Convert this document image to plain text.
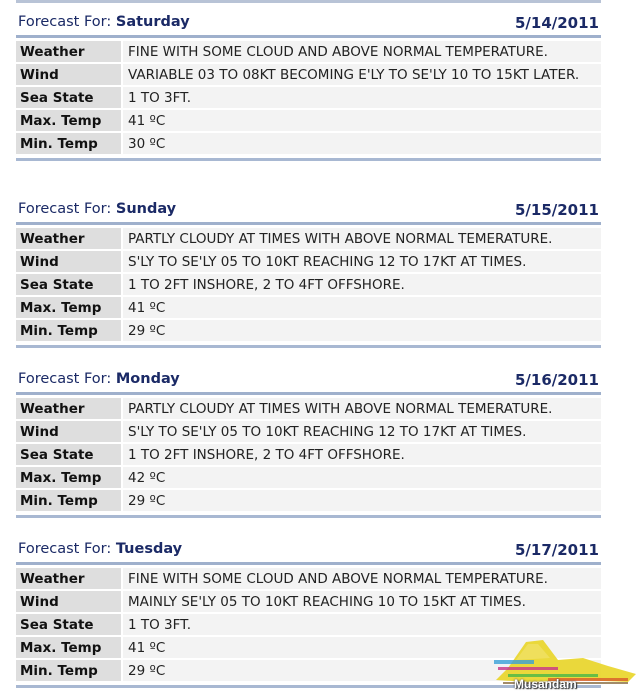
Forecast For: Saturday	5/14/2011
Weather	FINE WITH SOME CLOUD AND ABOVE NORMAL TEMPERATURE.
Wind	VARIABLE 03 TO 08KT BECOMING E'LY TO SE'LY 10 TO 15KT LATER.
Sea State	1 TO 3FT.
Max. Temp	41 ºC
Min. Temp	30 ºC
Forecast For: Sunday	5/15/2011
Weather	PARTLY CLOUDY AT TIMES WITH ABOVE NORMAL TEMERATURE.
Wind	S'LY TO SE'LY 05 TO 10KT REACHING 12 TO 17KT AT TIMES.
Sea State	1 TO 2FT INSHORE, 2 TO 4FT OFFSHORE.
Max. Temp	41 ºC
Min. Temp	29 ºC
Forecast For: Monday	5/16/2011
Weather	PARTLY CLOUDY AT TIMES WITH ABOVE NORMAL TEMERATURE.
Wind	S'LY TO SE'LY 05 TO 10KT REACHING 12 TO 17KT AT TIMES.
Sea State	1 TO 2FT INSHORE, 2 TO 4FT OFFSHORE.
Max. Temp	42 ºC
Min. Temp	29 ºC
Forecast For: Tuesday	5/17/2011
Weather	FINE WITH SOME CLOUD AND ABOVE NORMAL TEMPERATURE.
Wind	MAINLY SE'LY 05 TO 10KT REACHING 10 TO 15KT AT TIMES.
Sea State	1 TO 3FT.
Max. Temp	41 ºC
Min. Temp	29 ºC
Musandam
